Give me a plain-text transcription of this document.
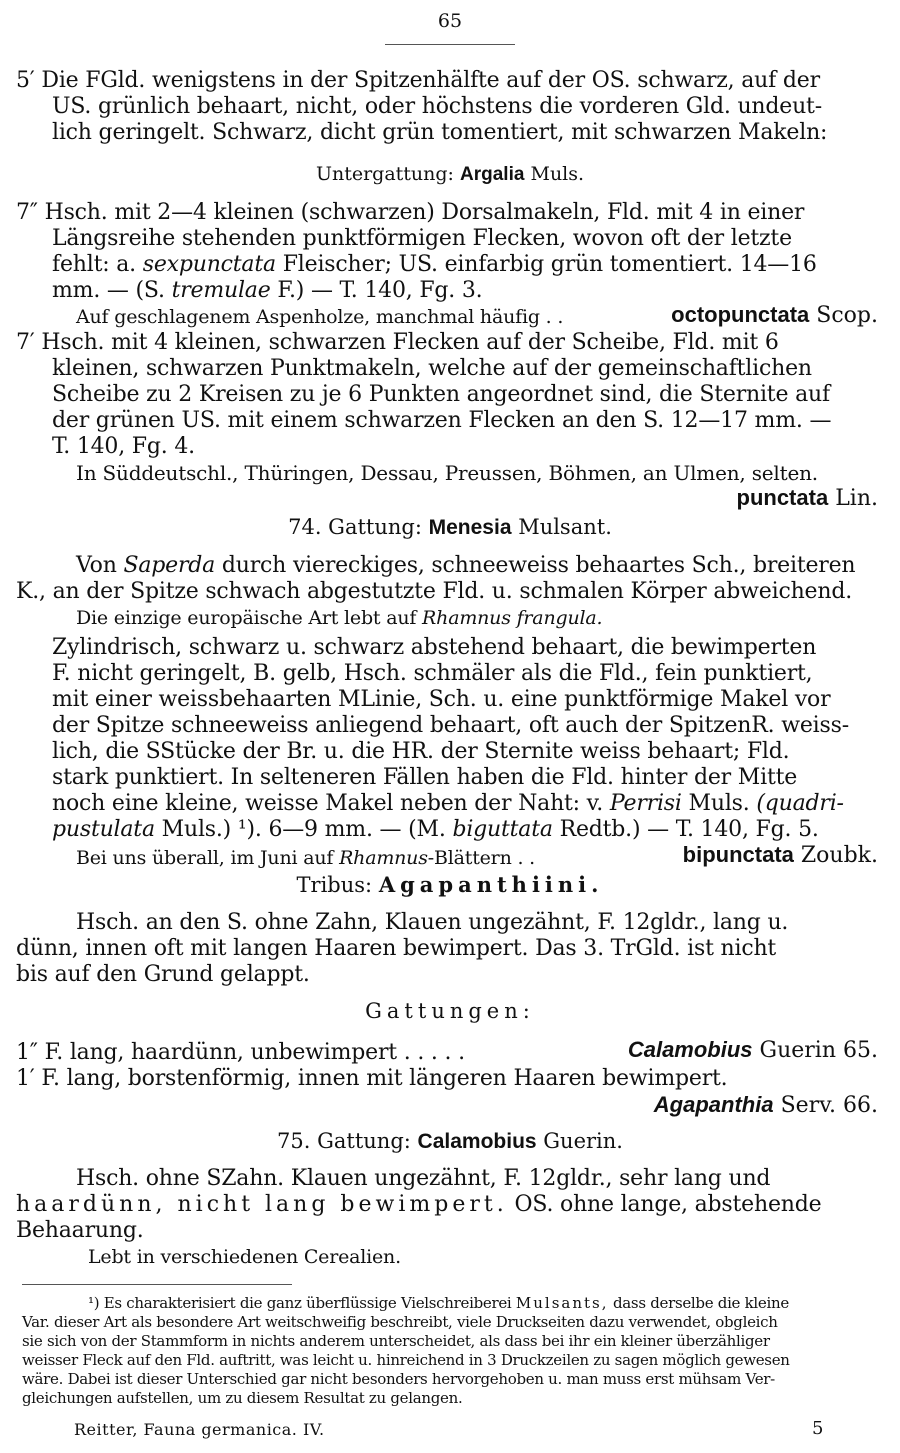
65
5′ Die FGld. wenigstens in der Spitzenhälfte auf der OS. schwarz, auf der
US. grünlich behaart, nicht, oder höchstens die vorderen Gld. undeut-
lich geringelt. Schwarz, dicht grün tomentiert, mit schwarzen Makeln:
Untergattung: Argalia Muls.
7″ Hsch. mit 2—4 kleinen (schwarzen) Dorsalmakeln, Fld. mit 4 in einer
Längsreihe stehenden punktförmigen Flecken, wovon oft der letzte
fehlt: a. sexpunctata Fleischer; US. einfarbig grün tomentiert. 14—16
mm. — (S. tremulae F.) — T. 140, Fg. 3.
Auf geschlagenem Aspenholze, manchmal häufig . .	octopunctata Scop.
7′ Hsch. mit 4 kleinen, schwarzen Flecken auf der Scheibe, Fld. mit 6
kleinen, schwarzen Punktmakeln, welche auf der gemeinschaftlichen
Scheibe zu 2 Kreisen zu je 6 Punkten angeordnet sind, die Sternite auf
der grünen US. mit einem schwarzen Flecken an den S. 12—17 mm. —
T. 140, Fg. 4.
In Süddeutschl., Thüringen, Dessau, Preussen, Böhmen, an Ulmen, selten.
punctata Lin.
74. Gattung: Menesia Mulsant.
Von Saperda durch viereckiges, schneeweiss behaartes Sch., breiteren
K., an der Spitze schwach abgestutzte Fld. u. schmalen Körper abweichend.
Die einzige europäische Art lebt auf Rhamnus frangula.
Zylindrisch, schwarz u. schwarz abstehend behaart, die bewimperten
F. nicht geringelt, B. gelb, Hsch. schmäler als die Fld., fein punktiert,
mit einer weissbehaarten MLinie, Sch. u. eine punktförmige Makel vor
der Spitze schneeweiss anliegend behaart, oft auch der SpitzenR. weiss-
lich, die SStücke der Br. u. die HR. der Sternite weiss behaart; Fld.
stark punktiert. In selteneren Fällen haben die Fld. hinter der Mitte
noch eine kleine, weisse Makel neben der Naht: v. Perrisi Muls. (quadri-
pustulata Muls.) ¹). 6—9 mm. — (M. biguttata Redtb.) — T. 140, Fg. 5.
Bei uns überall, im Juni auf Rhamnus-Blättern . .	bipunctata Zoubk.
Tribus: Agapanthiini.
Hsch. an den S. ohne Zahn, Klauen ungezähnt, F. 12gldr., lang u.
dünn, innen oft mit langen Haaren bewimpert. Das 3. TrGld. ist nicht
bis auf den Grund gelappt.
Gattungen:
1″ F. lang, haardünn, unbewimpert . . . . .	Calamobius Guerin 65.
1′ F. lang, borstenförmig, innen mit längeren Haaren bewimpert.
Agapanthia Serv. 66.
75. Gattung: Calamobius Guerin.
Hsch. ohne SZahn. Klauen ungezähnt, F. 12gldr., sehr lang und
haardünn, nicht lang bewimpert. OS. ohne lange, abstehende
Behaarung.
Lebt in verschiedenen Cerealien.
¹) Es charakterisiert die ganz überflüssige Vielschreiberei Mulsants, dass derselbe die kleine
Var. dieser Art als besondere Art weitschweifig beschreibt, viele Druckseiten dazu verwendet, obgleich
sie sich von der Stammform in nichts anderem unterscheidet, als dass bei ihr ein kleiner überzähliger
weisser Fleck auf den Fld. auftritt, was leicht u. hinreichend in 3 Druckzeilen zu sagen möglich gewesen
wäre. Dabei ist dieser Unterschied gar nicht besonders hervorgehoben u. man muss erst mühsam Ver-
gleichungen aufstellen, um zu diesem Resultat zu gelangen.
Reitter, Fauna germanica. IV.	5
